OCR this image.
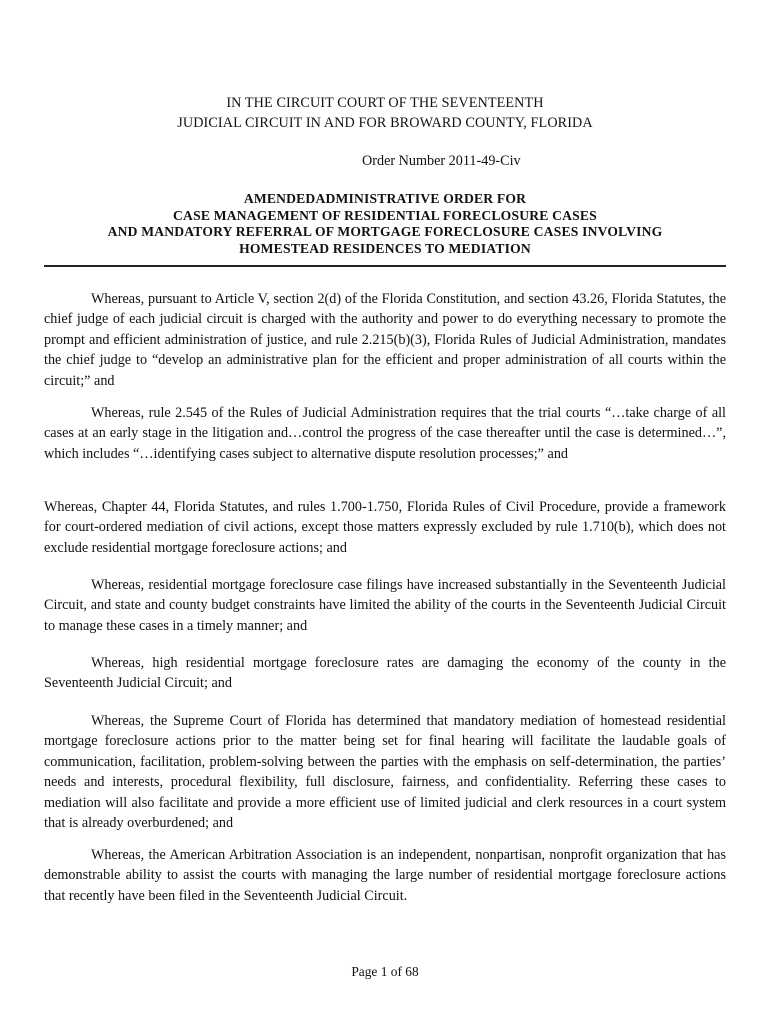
IN THE CIRCUIT COURT OF THE SEVENTEENTH
JUDICIAL CIRCUIT IN AND FOR BROWARD COUNTY, FLORIDA
Order Number 2011-49-Civ
AMENDEDADMINISTRATIVE ORDER FOR
CASE MANAGEMENT OF RESIDENTIAL FORECLOSURE CASES
AND MANDATORY REFERRAL OF MORTGAGE FORECLOSURE CASES INVOLVING
HOMESTEAD RESIDENCES TO MEDIATION

Whereas, pursuant to Article V, section 2(d) of the Florida Constitution, and section 43.26, Florida Statutes, the chief judge of each judicial circuit is charged with the authority and power to do everything necessary to promote the prompt and efficient administration of justice, and rule 2.215(b)(3), Florida Rules of Judicial Administration, mandates the chief judge to “develop an administrative plan for the efficient and proper administration of all courts within the circuit;” and

Whereas, rule 2.545 of the Rules of Judicial Administration requires that the trial courts “…take charge of all cases at an early stage in the litigation and…control the progress of the case thereafter until the case is determined…”, which includes “…identifying cases subject to alternative dispute resolution processes;” and

Whereas, Chapter 44, Florida Statutes, and rules 1.700-1.750, Florida Rules of Civil Procedure, provide a framework for court-ordered mediation of civil actions, except those matters expressly excluded by rule 1.710(b), which does not exclude residential mortgage foreclosure actions; and

Whereas, residential mortgage foreclosure case filings have increased substantially in the Seventeenth Judicial Circuit, and state and county budget constraints have limited the ability of the courts in the Seventeenth Judicial Circuit to manage these cases in a timely manner; and

Whereas, high residential mortgage foreclosure rates are damaging the economy of the county in the Seventeenth Judicial Circuit; and

Whereas, the Supreme Court of Florida has determined that mandatory mediation of homestead residential mortgage foreclosure actions prior to the matter being set for final hearing will facilitate the laudable goals of communication, facilitation, problem-solving between the parties with the emphasis on self-determination, the parties’ needs and interests, procedural flexibility, full disclosure, fairness, and confidentiality. Referring these cases to mediation will also facilitate and provide a more efficient use of limited judicial and clerk resources in a court system that is already overburdened; and

Whereas, the American Arbitration Association is an independent, nonpartisan, nonprofit organization that has demonstrable ability to assist the courts with managing the large number of residential mortgage foreclosure actions that recently have been filed in the Seventeenth Judicial Circuit.

Page 1 of 68
